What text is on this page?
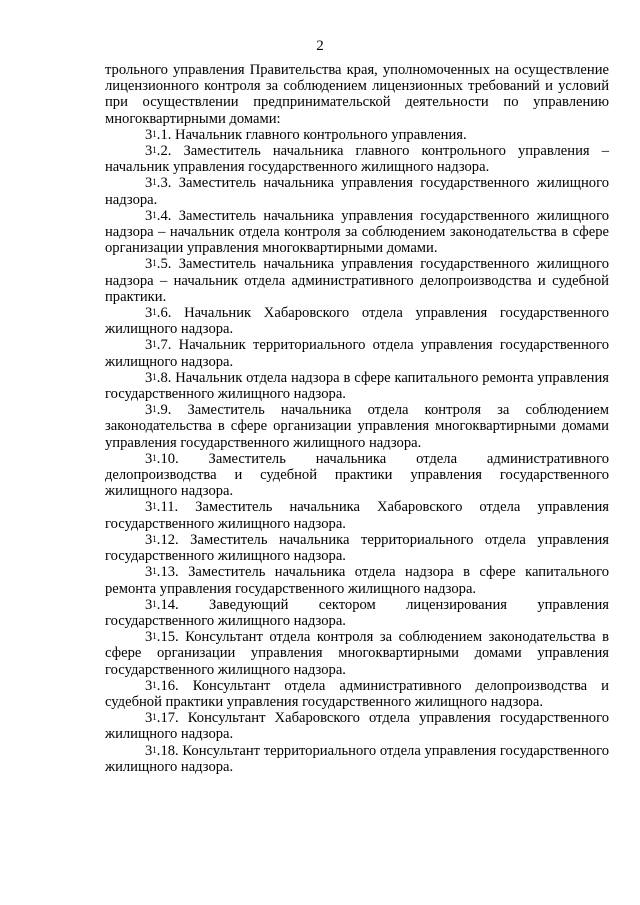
2

трольного управления Правительства края, уполномоченных на осуществление лицензионного контроля за соблюдением лицензионных требований и условий при осуществлении предпринимательской деятельности по управлению многоквартирными домами:

$3^1.1$. Начальник главного контрольного управления.

$3^1.2$. Заместитель начальника главного контрольного управления – начальник управления государственного жилищного надзора.

$3^1.3$. Заместитель начальника управления государственного жилищного надзора.

$3^1.4$. Заместитель начальника управления государственного жилищного надзора – начальник отдела контроля за соблюдением законодательства в сфере организации управления многоквартирными домами.

$3^1.5$. Заместитель начальника управления государственного жилищного надзора – начальник отдела административного делопроизводства и судебной практики.

$3^1.6$. Начальник Хабаровского отдела управления государственного жилищного надзора.

$3^1.7$. Начальник территориального отдела управления государственного жилищного надзора.

$3^1.8$. Начальник отдела надзора в сфере капитального ремонта управления государственного жилищного надзора.

$3^1.9$. Заместитель начальника отдела контроля за соблюдением законодательства в сфере организации управления многоквартирными домами управления государственного жилищного надзора.

$3^1.10$. Заместитель начальника отдела административного делопроизводства и судебной практики управления государственного жилищного надзора.

$3^1.11$. Заместитель начальника Хабаровского отдела управления государственного жилищного надзора.

$3^1.12$. Заместитель начальника территориального отдела управления государственного жилищного надзора.

$3^1.13$. Заместитель начальника отдела надзора в сфере капитального ремонта управления государственного жилищного надзора.

$3^1.14$. Заведующий сектором лицензирования управления государственного жилищного надзора.

$3^1.15$. Консультант отдела контроля за соблюдением законодательства в сфере организации управления многоквартирными домами управления государственного жилищного надзора.

$3^1.16$. Консультант отдела административного делопроизводства и судебной практики управления государственного жилищного надзора.

$3^1.17$. Консультант Хабаровского отдела управления государственного жилищного надзора.

$3^1.18$. Консультант территориального отдела управления государственного жилищного надзора.
